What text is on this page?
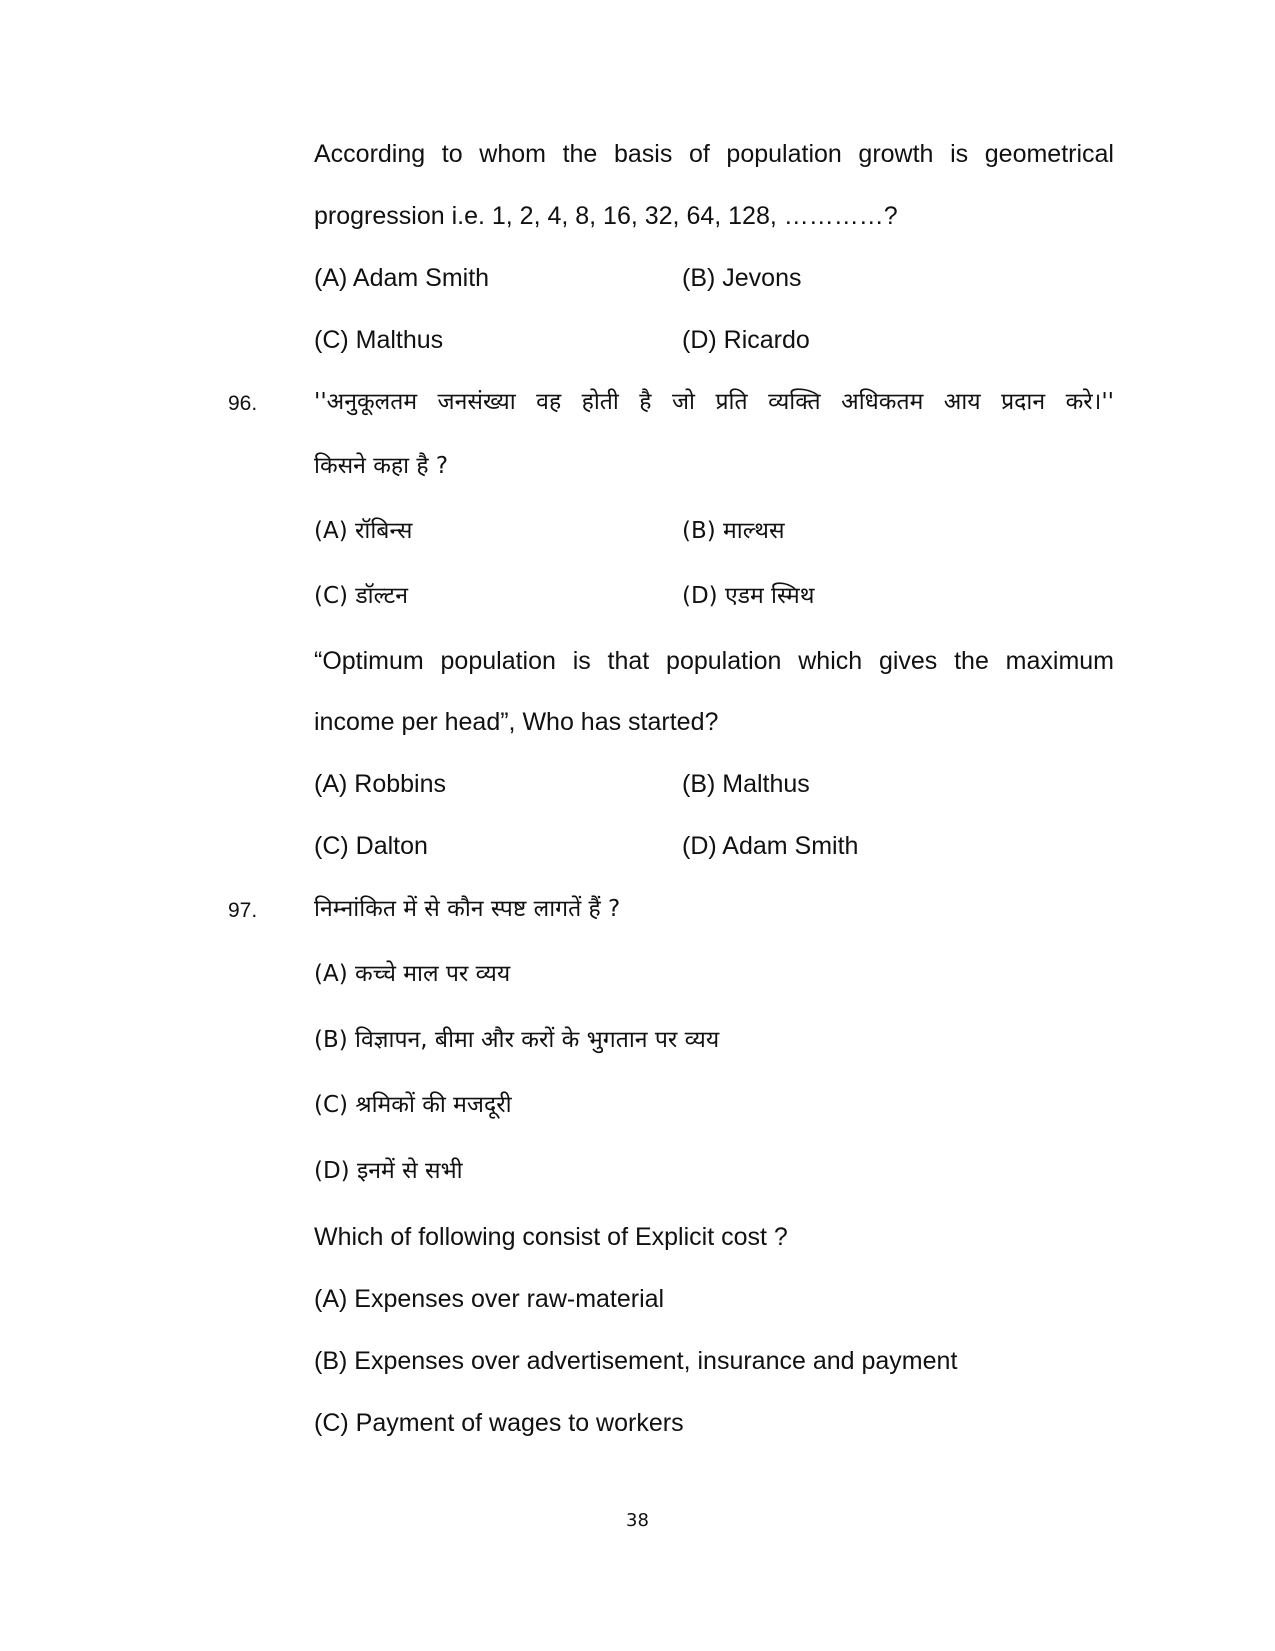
According to whom the basis of population growth is geometrical
progression i.e. 1, 2, 4, 8, 16, 32, 64, 128, …………?
(A) Adam Smith	(B) Jevons
(C) Malthus	(D) Ricardo
96. ''अनुकूलतम जनसंख्या वह होती है जो प्रति व्यक्ति अधिकतम आय प्रदान करे।''
किसने कहा है ?
(A) रॉबिन्स	(B) माल्थस
(C) डॉल्टन	(D) एडम स्मिथ
“Optimum population is that population which gives the maximum
income per head”, Who has started?
(A) Robbins	(B) Malthus
(C) Dalton	(D) Adam Smith
97. निम्नांकित में से कौन स्पष्ट लागतें हैं ?
(A) कच्चे माल पर व्यय
(B) विज्ञापन, बीमा और करों के भुगतान पर व्यय
(C) श्रमिकों की मजदूरी
(D) इनमें से सभी
Which of following consist of Explicit cost ?
(A) Expenses over raw-material
(B) Expenses over advertisement, insurance and payment
(C) Payment of wages to workers
38
